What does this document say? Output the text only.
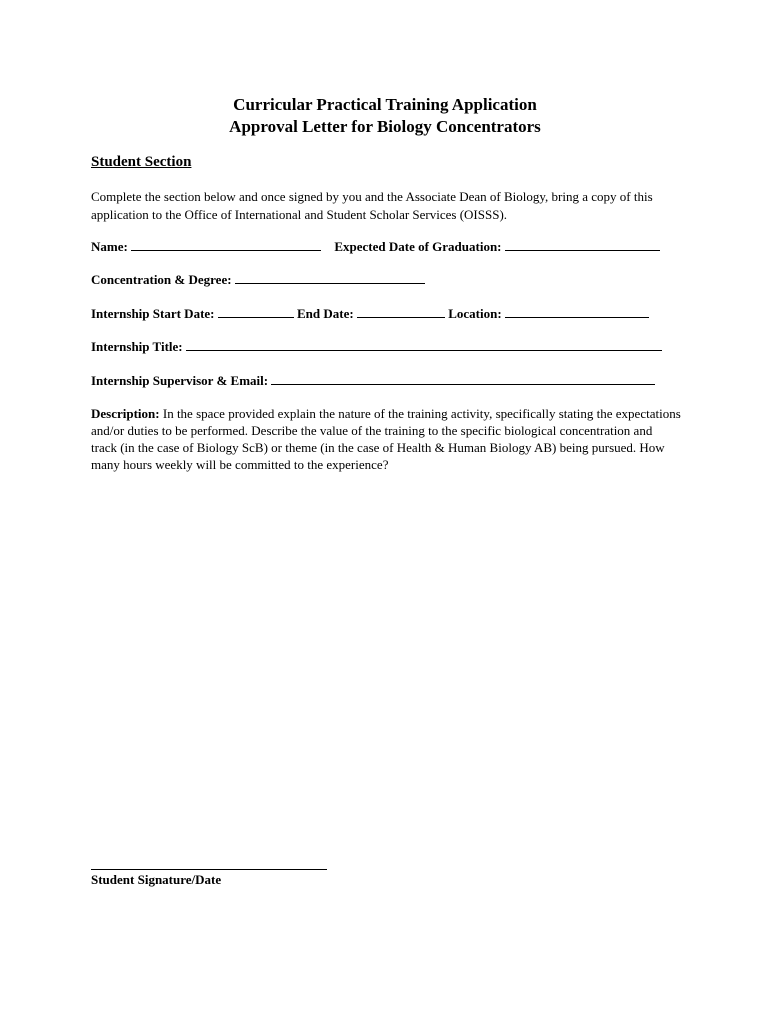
Curricular Practical Training Application
Approval Letter for Biology Concentrators
Student Section
Complete the section below and once signed by you and the Associate Dean of Biology, bring a copy of this application to the Office of International and Student Scholar Services (OISSS).
Name:	Expected Date of Graduation:
Concentration & Degree:
Internship Start Date:	End Date:	Location:
Internship Title:
Internship Supervisor & Email:
Description: In the space provided explain the nature of the training activity, specifically stating the expectations and/or duties to be performed. Describe the value of the training to the specific biological concentration and track (in the case of Biology ScB) or theme (in the case of Health & Human Biology AB) being pursued. How many hours weekly will be committed to the experience?
Student Signature/Date
